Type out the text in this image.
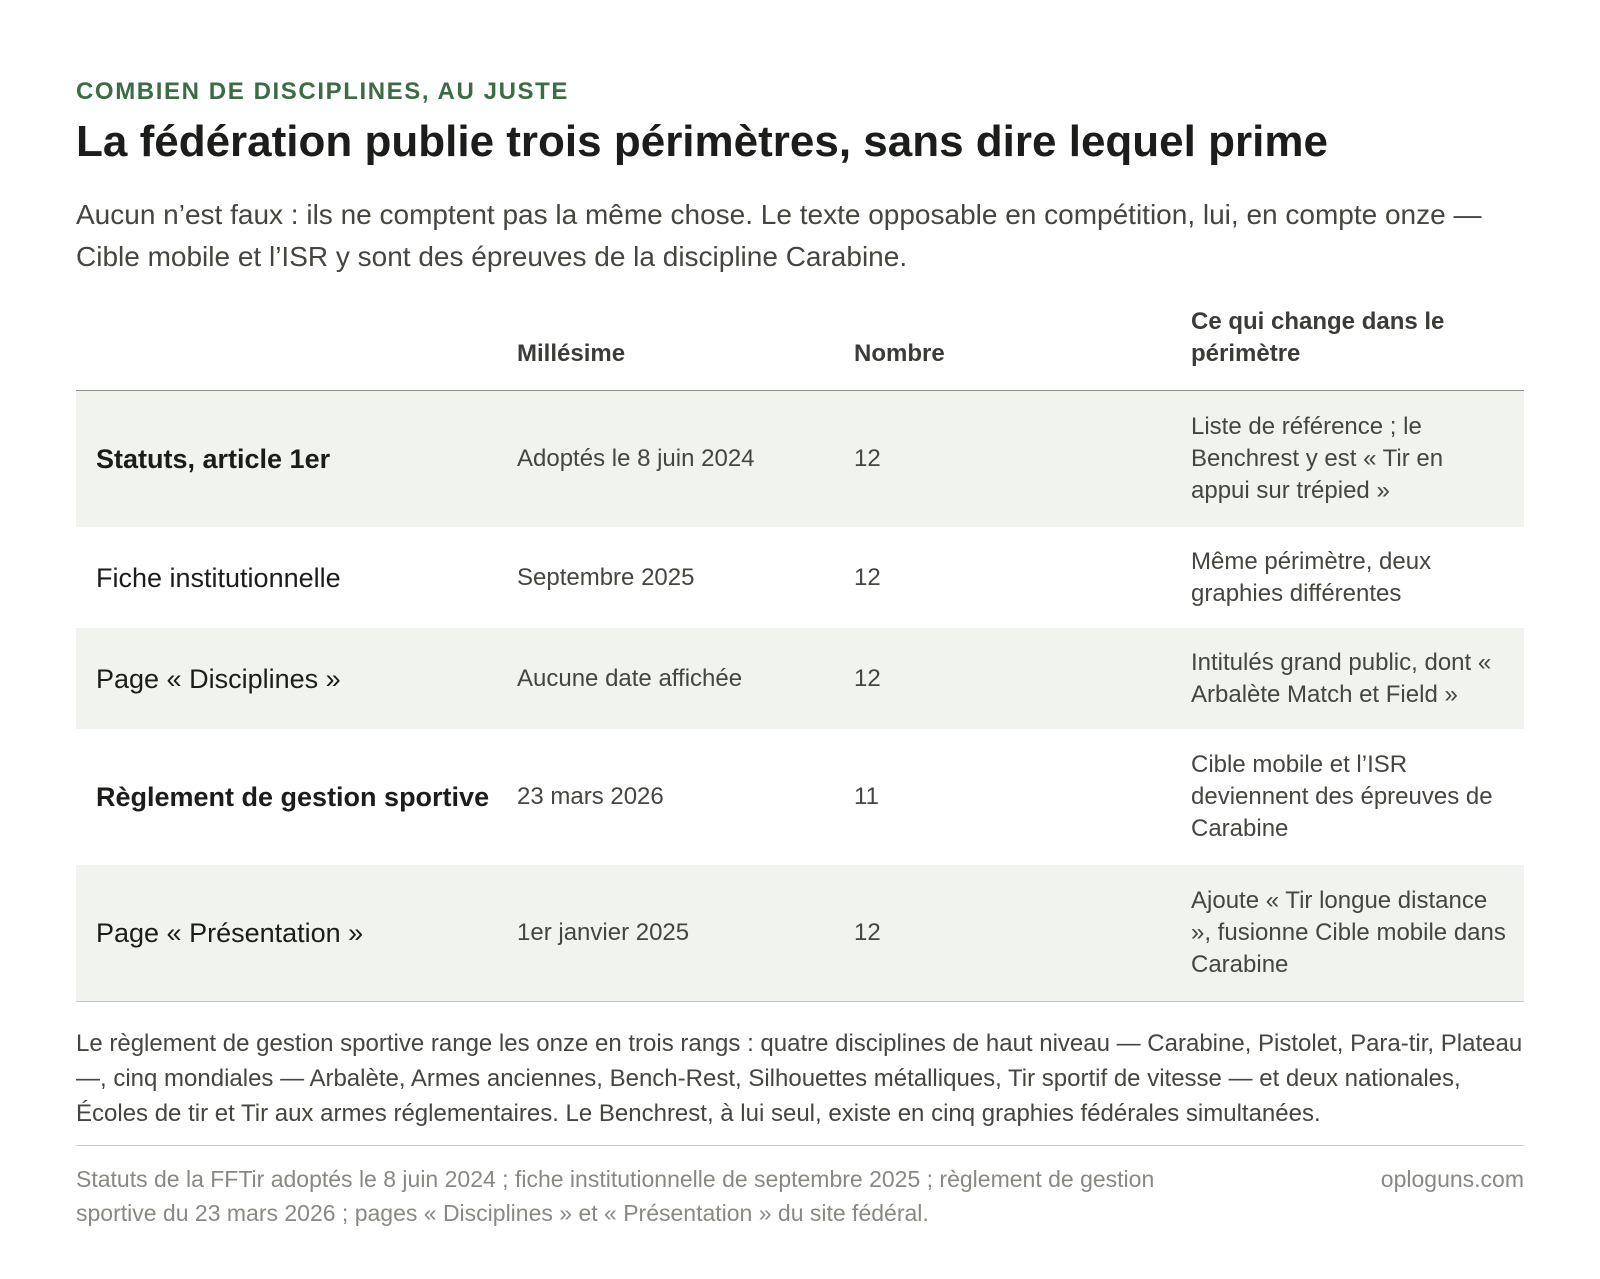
COMBIEN DE DISCIPLINES, AU JUSTE

La fédération publie trois périmètres, sans dire lequel prime

Aucun n’est faux : ils ne comptent pas la même chose. Le texte opposable en compétition, lui, en compte onze — Cible mobile et l’ISR y sont des épreuves de la discipline Carabine.

	Millésime	Nombre	Ce qui change dans le périmètre
Statuts, article 1er	Adoptés le 8 juin 2024	12	Liste de référence ; le Benchrest y est « Tir en appui sur trépied »
Fiche institutionnelle	Septembre 2025	12	Même périmètre, deux graphies différentes
Page « Disciplines »	Aucune date affichée	12	Intitulés grand public, dont « Arbalète Match et Field »
Règlement de gestion sportive	23 mars 2026	11	Cible mobile et l’ISR deviennent des épreuves de Carabine
Page « Présentation »	1er janvier 2025	12	Ajoute « Tir longue distance », fusionne Cible mobile dans Carabine

Le règlement de gestion sportive range les onze en trois rangs : quatre disciplines de haut niveau — Carabine, Pistolet, Para-tir, Plateau —, cinq mondiales — Arbalète, Armes anciennes, Bench-Rest, Silhouettes métalliques, Tir sportif de vitesse — et deux nationales, Écoles de tir et Tir aux armes réglementaires. Le Benchrest, à lui seul, existe en cinq graphies fédérales simultanées.

Statuts de la FFTir adoptés le 8 juin 2024 ; fiche institutionnelle de septembre 2025 ; règlement de gestion sportive du 23 mars 2026 ; pages « Disciplines » et « Présentation » du site fédéral.

oploguns.com
